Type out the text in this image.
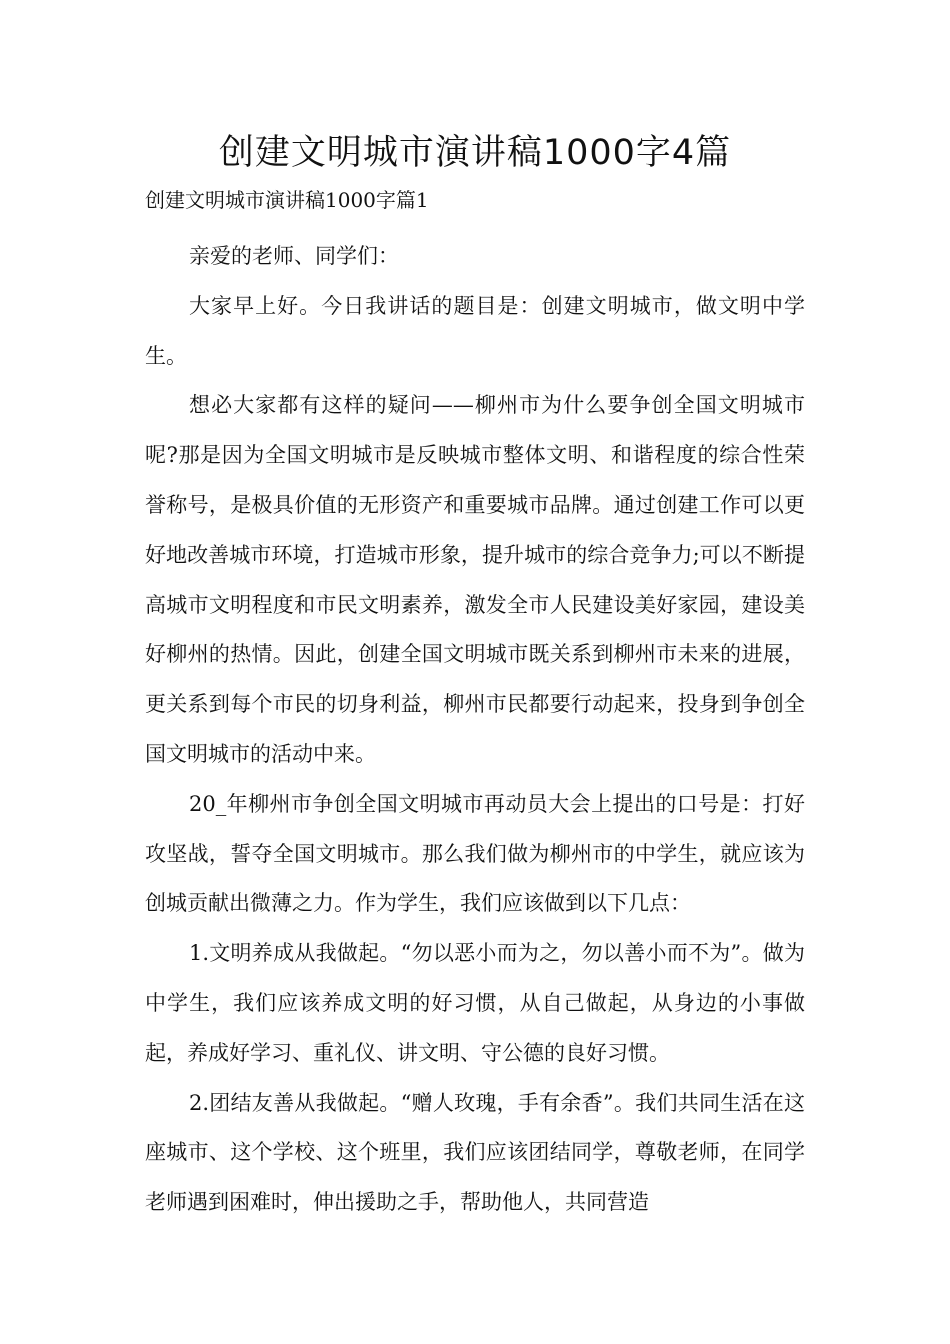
创建文明城市演讲稿1000字4篇

创建文明城市演讲稿1000字篇1

亲爱的老师、同学们：

大家早上好。今日我讲话的题目是：创建文明城市，做文明中学生。

想必大家都有这样的疑问——柳州市为什么要争创全国文明城市呢?那是因为全国文明城市是反映城市整体文明、和谐程度的综合性荣誉称号，是极具价值的无形资产和重要城市品牌。通过创建工作可以更好地改善城市环境，打造城市形象，提升城市的综合竞争力;可以不断提高城市文明程度和市民文明素养，激发全市人民建设美好家园，建设美好柳州的热情。因此，创建全国文明城市既关系到柳州市未来的进展，更关系到每个市民的切身利益，柳州市民都要行动起来，投身到争创全国文明城市的活动中来。

20_年柳州市争创全国文明城市再动员大会上提出的口号是：打好攻坚战，誓夺全国文明城市。那么我们做为柳州市的中学生，就应该为创城贡献出微薄之力。作为学生，我们应该做到以下几点：

1.文明养成从我做起。“勿以恶小而为之，勿以善小而不为”。做为中学生，我们应该养成文明的好习惯，从自己做起，从身边的小事做起，养成好学习、重礼仪、讲文明、守公德的良好习惯。

2.团结友善从我做起。“赠人玫瑰，手有余香”。我们共同生活在这座城市、这个学校、这个班里，我们应该团结同学，尊敬老师，在同学老师遇到困难时，伸出援助之手，帮助他人，共同营造
